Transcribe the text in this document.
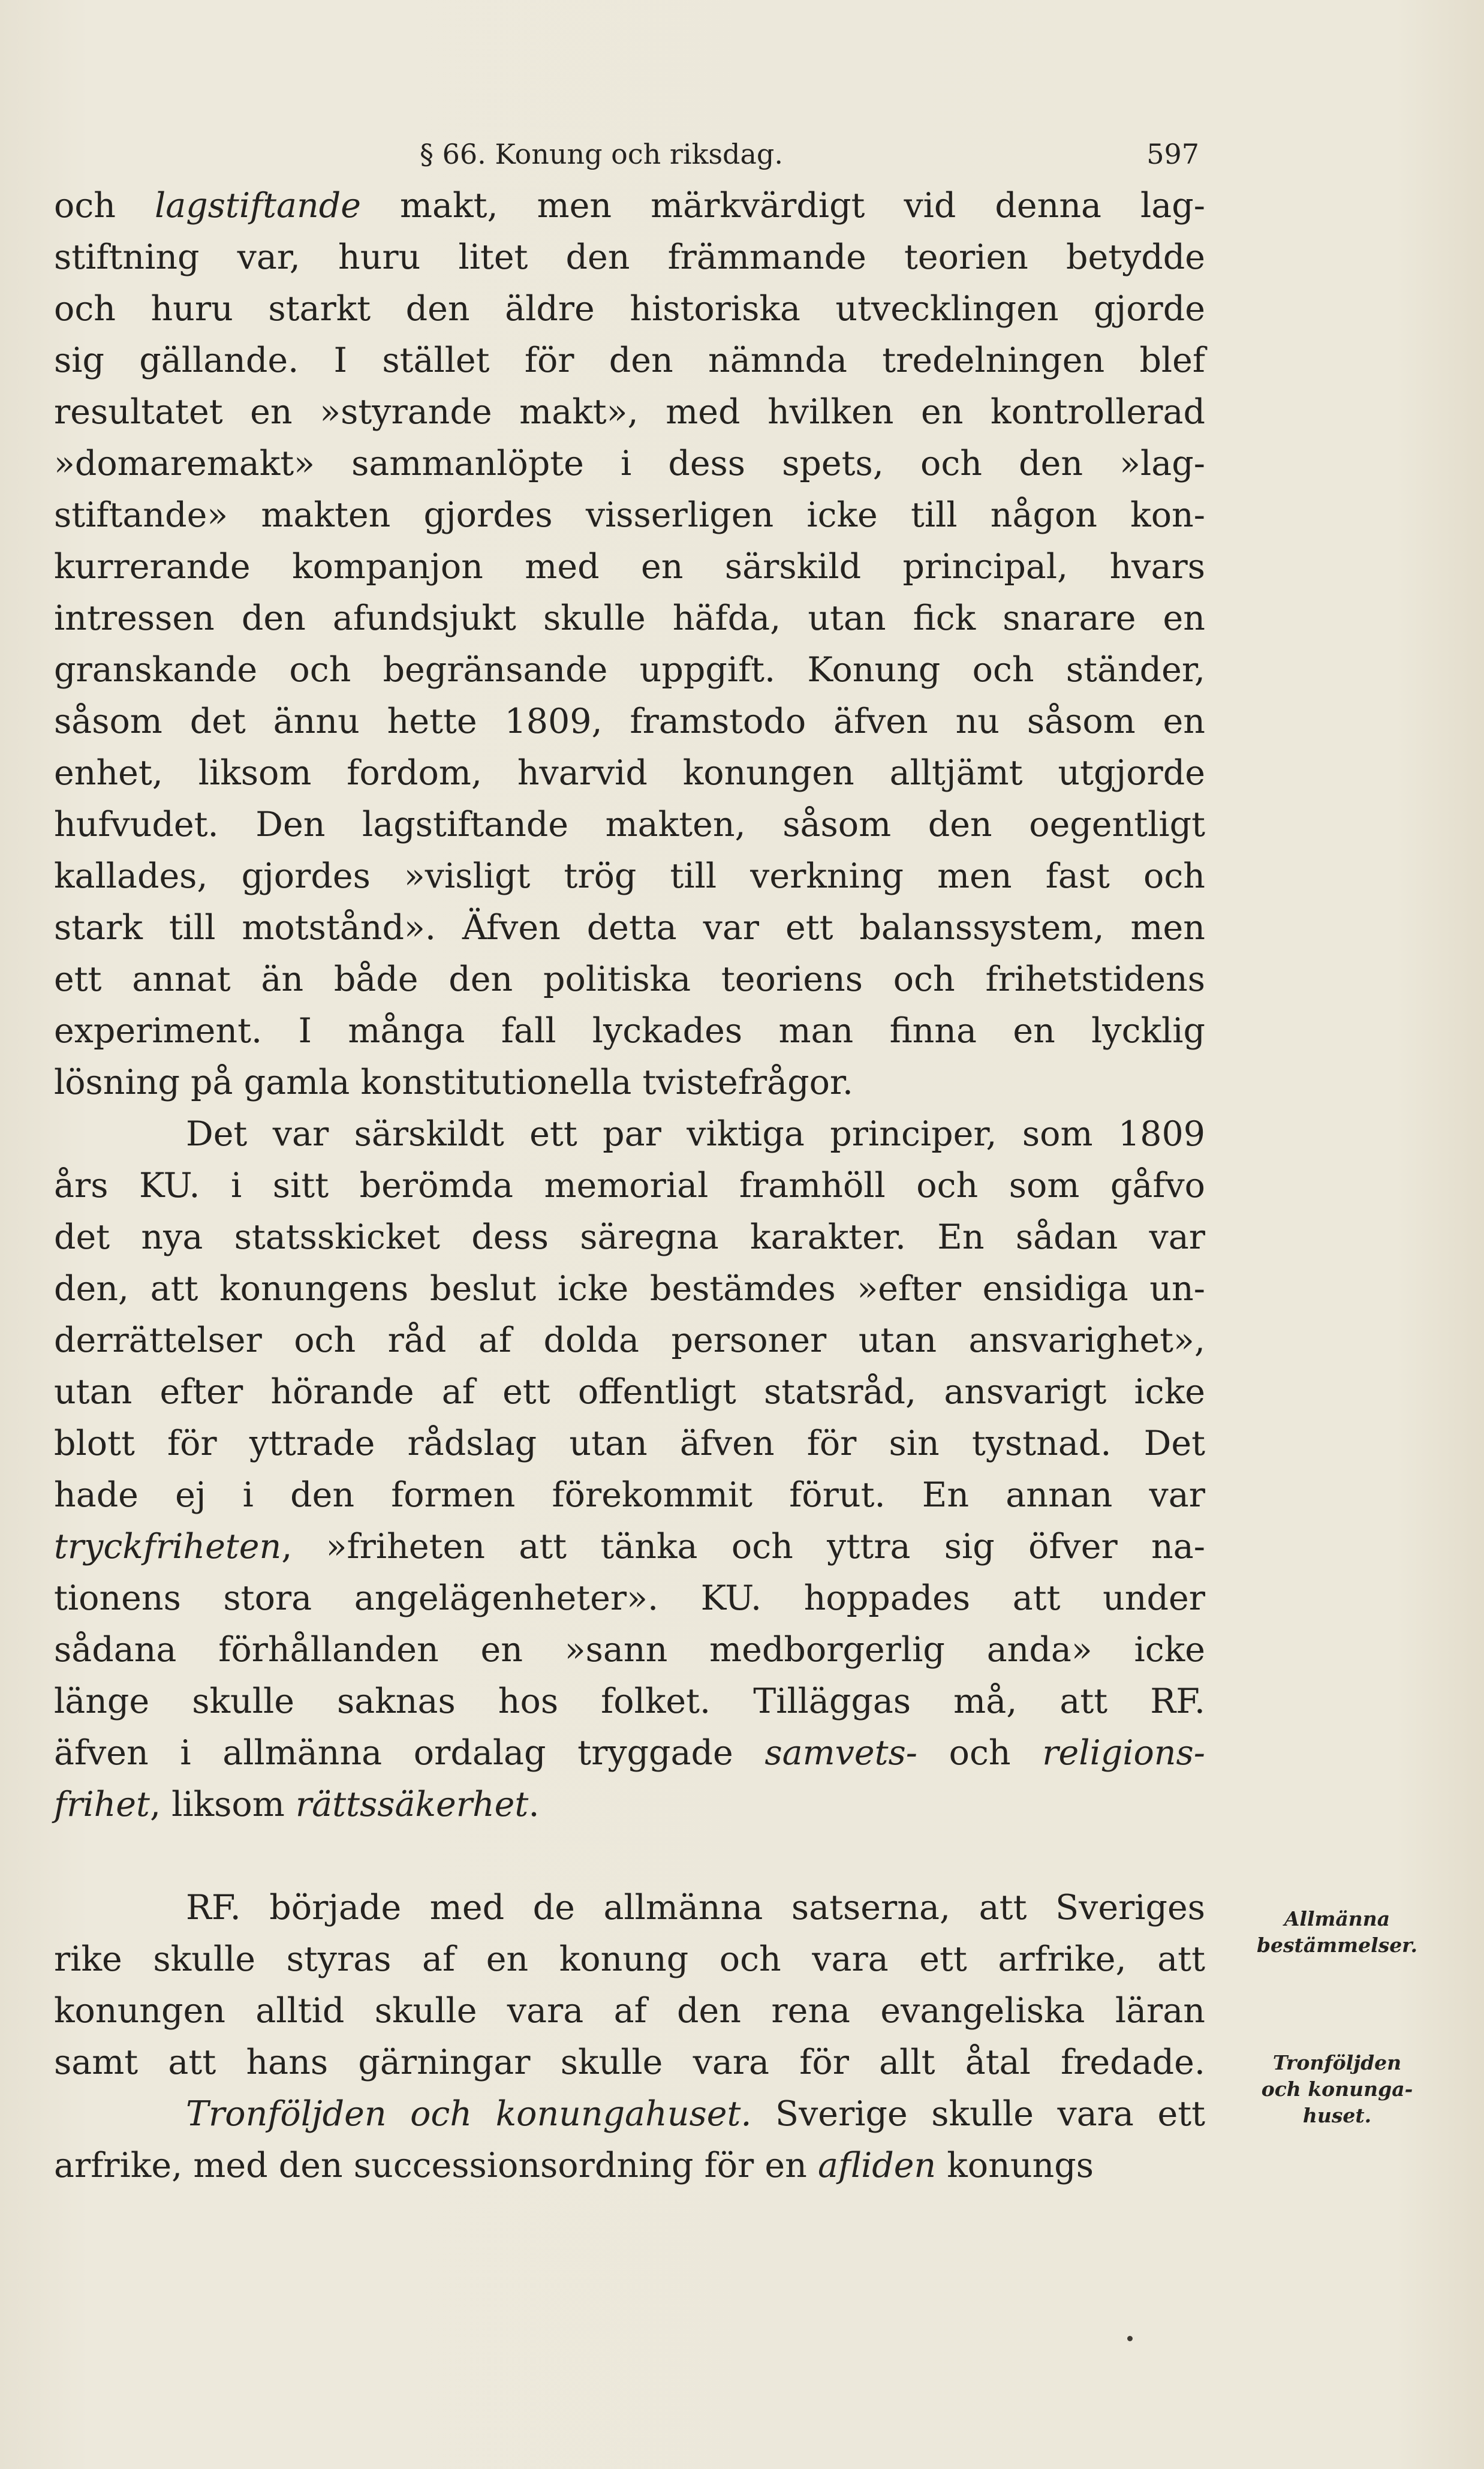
§ 66. Konung och riksdag.	597
och lagstiftande makt, men märkvärdigt vid denna lag-
stiftning var, huru litet den främmande teorien betydde
och huru starkt den äldre historiska utvecklingen gjorde
sig gällande. I stället för den nämnda tredelningen blef
resultatet en »styrande makt», med hvilken en kontrollerad
»domaremakt» sammanlöpte i dess spets, och den »lag-
stiftande» makten gjordes visserligen icke till någon kon-
kurrerande kompanjon med en särskild principal, hvars
intressen den afundsjukt skulle häfda, utan fick snarare en
granskande och begränsande uppgift. Konung och ständer,
såsom det ännu hette 1809, framstodo äfven nu såsom en
enhet, liksom fordom, hvarvid konungen alltjämt utgjorde
hufvudet. Den lagstiftande makten, såsom den oegentligt
kallades, gjordes »visligt trög till verkning men fast och
stark till motstånd». Äfven detta var ett balanssystem, men
ett annat än både den politiska teoriens och frihetstidens
experiment. I många fall lyckades man finna en lycklig
lösning på gamla konstitutionella tvistefrågor.
Det var särskildt ett par viktiga principer, som 1809
års KU. i sitt berömda memorial framhöll och som gåfvo
det nya statsskicket dess säregna karakter. En sådan var
den, att konungens beslut icke bestämdes »efter ensidiga un-
derrättelser och råd af dolda personer utan ansvarighet»,
utan efter hörande af ett offentligt statsråd, ansvarigt icke
blott för yttrade rådslag utan äfven för sin tystnad. Det
hade ej i den formen förekommit förut. En annan var
tryckfriheten, »friheten att tänka och yttra sig öfver na-
tionens stora angelägenheter». KU. hoppades att under
sådana förhållanden en »sann medborgerlig anda» icke
länge skulle saknas hos folket. Tilläggas må, att RF.
äfven i allmänna ordalag tryggade samvets- och religions-
frihet, liksom rättssäkerhet.
RF. började med de allmänna satserna, att Sveriges
rike skulle styras af en konung och vara ett arfrike, att
konungen alltid skulle vara af den rena evangeliska läran
samt att hans gärningar skulle vara för allt åtal fredade.
Tronföljden och konungahuset. Sverige skulle vara ett
arfrike, med den successionsordning för en afliden konungs
Allmänna
bestämmelser.
Tronföljden
och konunga-
huset.
